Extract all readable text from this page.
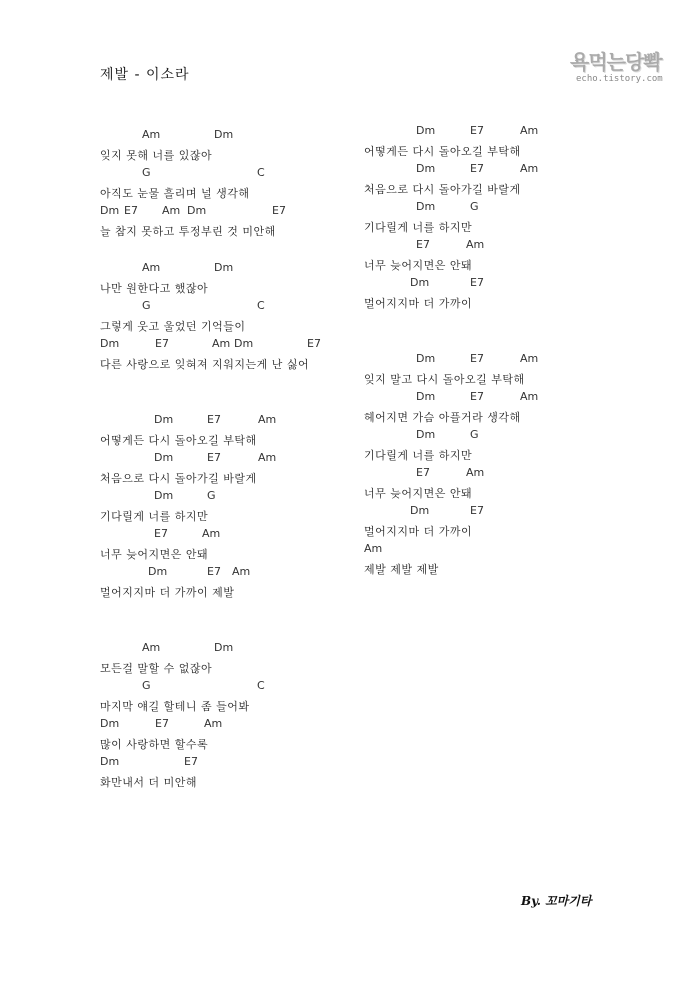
제발 - 이소라
욕먹는당뽝
echo.tistory.com
Am	Dm
잊지 못해 너를 있잖아
G	C
아직도 눈물 흘리며 널 생각해
Dm E7 Am Dm	E7
늘 참지 못하고 투정부린 것 미안해
Am	Dm
나만 원한다고 했잖아
G	C
그렇게 웃고 울었던 기억들이
Dm	E7	Am Dm	E7
다른 사랑으로 잊혀져 지워지는게 난 싫어
Dm	E7	Am
어떻게든 다시 돌아오길 부탁해
Dm	E7	Am
처음으로 다시 돌아가길 바랄게
Dm	G
기다릴게 너를 하지만
E7	Am
너무 늦어지면은 안돼
Dm	E7 Am
멀어지지마 더 가까이 제발
Am	Dm
모든걸 말할 수 없잖아
G	C
마지막 얘길 할테니 좀 들어봐
Dm	E7	Am
많이 사랑하면 할수록
Dm	E7
화만내서 더 미안해
Dm	E7	Am
어떻게든 다시 돌아오길 부탁해
Dm	E7	Am
처음으로 다시 돌아가길 바랄게
Dm	G
기다릴게 너를 하지만
E7	Am
너무 늦어지면은 안돼
Dm	E7
멀어지지마 더 가까이
Dm	E7	Am
잊지 말고 다시 돌아오길 부탁해
Dm	E7	Am
헤어지면 가슴 아플거라 생각해
Dm	G
기다릴게 너를 하지만
E7	Am
너무 늦어지면은 안돼
Dm	E7
멀어지지마 더 가까이
Am
제발 제발 제발
By. 꼬마기타
